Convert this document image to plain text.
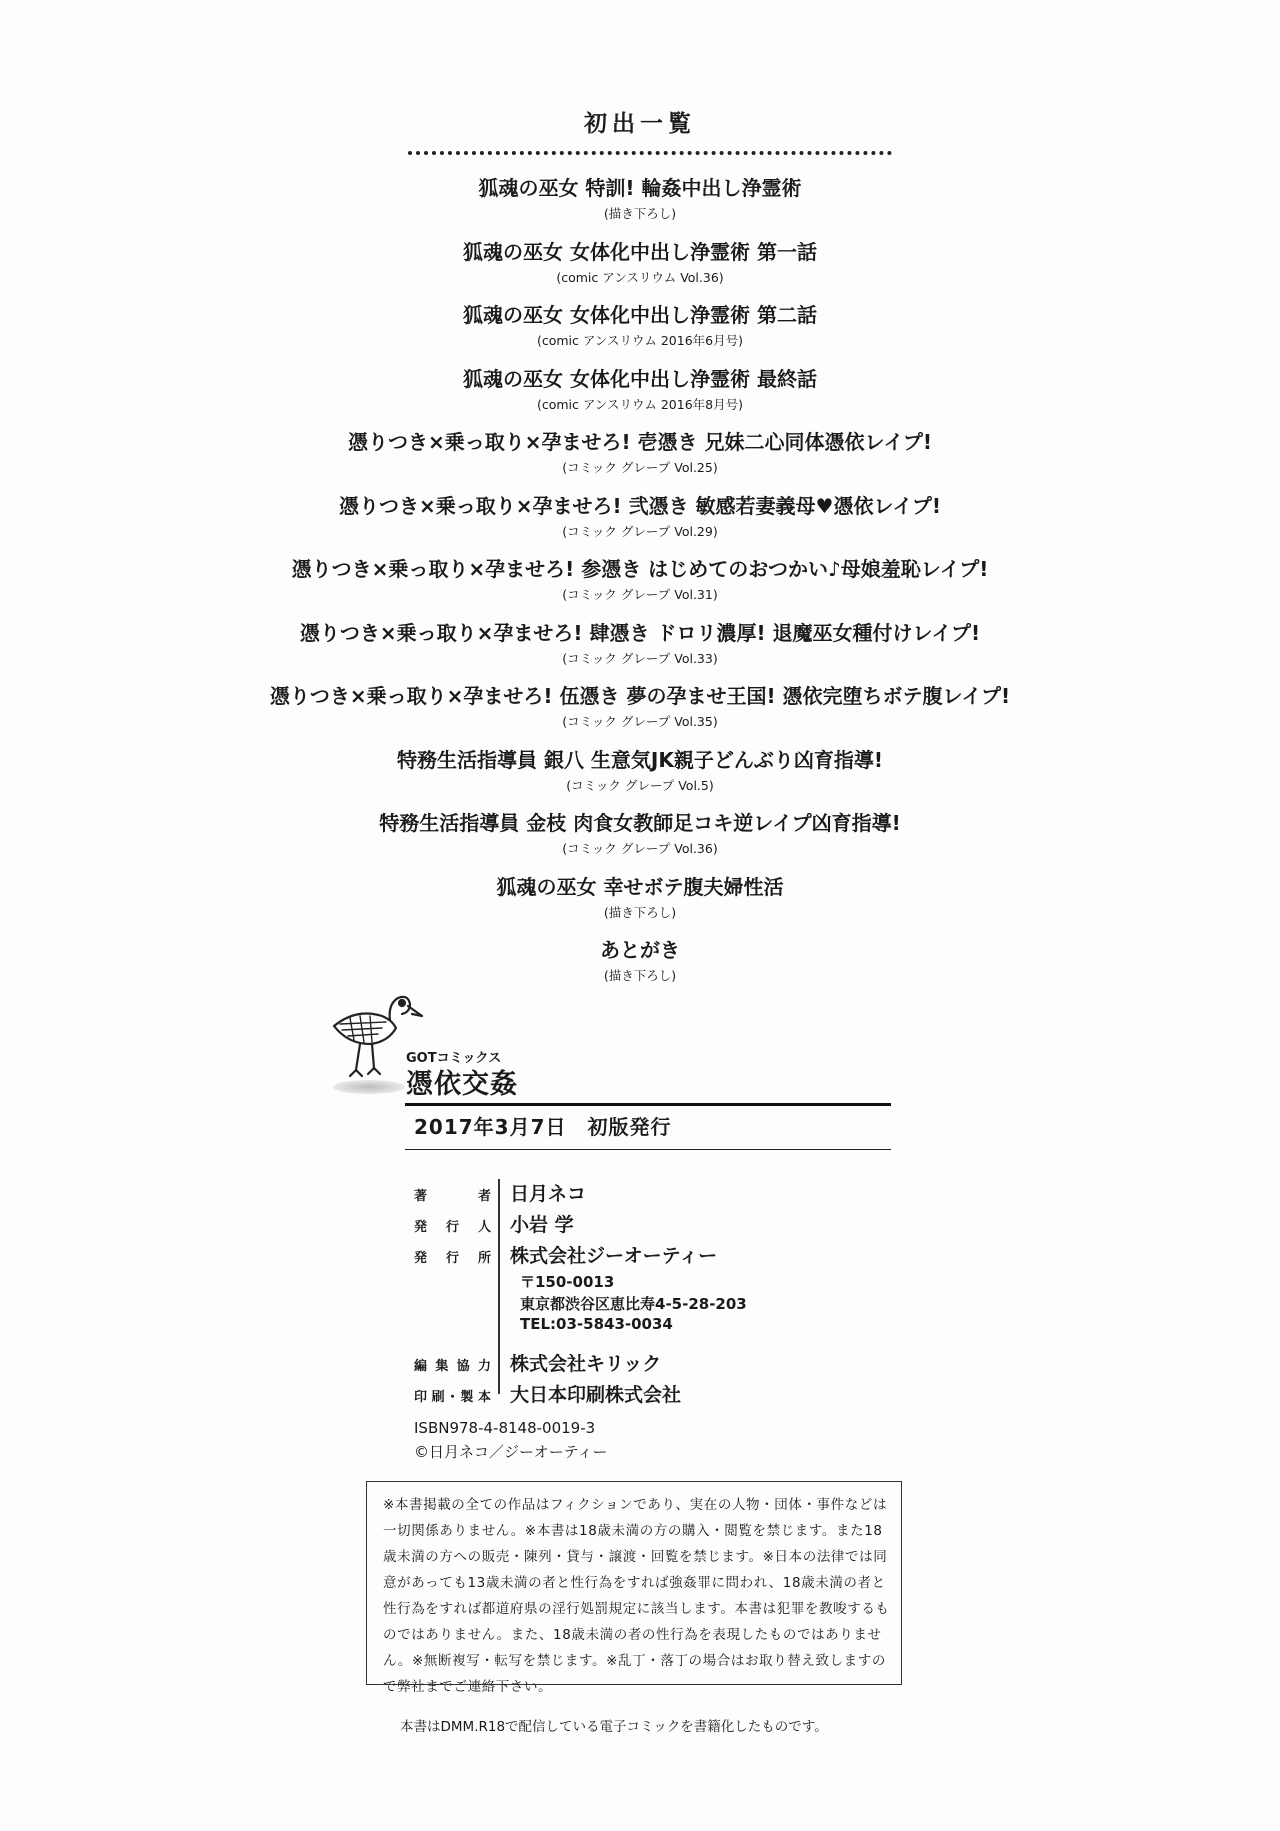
初出一覧
狐魂の巫女 特訓! 輪姦中出し浄霊術
(描き下ろし)
狐魂の巫女 女体化中出し浄霊術 第一話
(comic アンスリウム Vol.36)
狐魂の巫女 女体化中出し浄霊術 第二話
(comic アンスリウム 2016年6月号)
狐魂の巫女 女体化中出し浄霊術 最終話
(comic アンスリウム 2016年8月号)
憑りつき×乗っ取り×孕ませろ! 壱憑き 兄妹二心同体憑依レイプ!
(コミック グレープ Vol.25)
憑りつき×乗っ取り×孕ませろ! 弐憑き 敏感若妻義母♥憑依レイプ!
(コミック グレープ Vol.29)
憑りつき×乗っ取り×孕ませろ! 参憑き はじめてのおつかい♪母娘羞恥レイプ!
(コミック グレープ Vol.31)
憑りつき×乗っ取り×孕ませろ! 肆憑き ドロリ濃厚! 退魔巫女種付けレイプ!
(コミック グレープ Vol.33)
憑りつき×乗っ取り×孕ませろ! 伍憑き 夢の孕ませ王国! 憑依完堕ちボテ腹レイプ!
(コミック グレープ Vol.35)
特務生活指導員 銀八 生意気JK親子どんぶり凶育指導!
(コミック グレープ Vol.5)
特務生活指導員 金枝 肉食女教師足コキ逆レイプ凶育指導!
(コミック グレープ Vol.36)
狐魂の巫女 幸せボテ腹夫婦性活
(描き下ろし)
あとがき
(描き下ろし)
GOTコミックス
憑依交姦
2017年3月7日　初版発行
著者 日月ネコ
発行人 小岩 学
発行所 株式会社ジーオーティー
〒150-0013
東京都渋谷区恵比寿4-5-28-203
TEL:03-5843-0034
編集協力 株式会社キリック
印刷･製本 大日本印刷株式会社
ISBN978-4-8148-0019-3
©日月ネコ／ジーオーティー
※本書掲載の全ての作品はフィクションであり、実在の人物・団体・事件などは一切関係ありません。※本書は18歳未満の方の購入・閲覧を禁じます。また18歳未満の方への販売・陳列・貸与・譲渡・回覧を禁じます。※日本の法律では同意があっても13歳未満の者と性行為をすれば強姦罪に問われ、18歳未満の者と性行為をすれば都道府県の淫行処罰規定に該当します。本書は犯罪を教唆するものではありません。また、18歳未満の者の性行為を表現したものではありません。※無断複写・転写を禁じます。※乱丁・落丁の場合はお取り替え致しますので弊社までご連絡下さい。
本書はDMM.R18で配信している電子コミックを書籍化したものです。
